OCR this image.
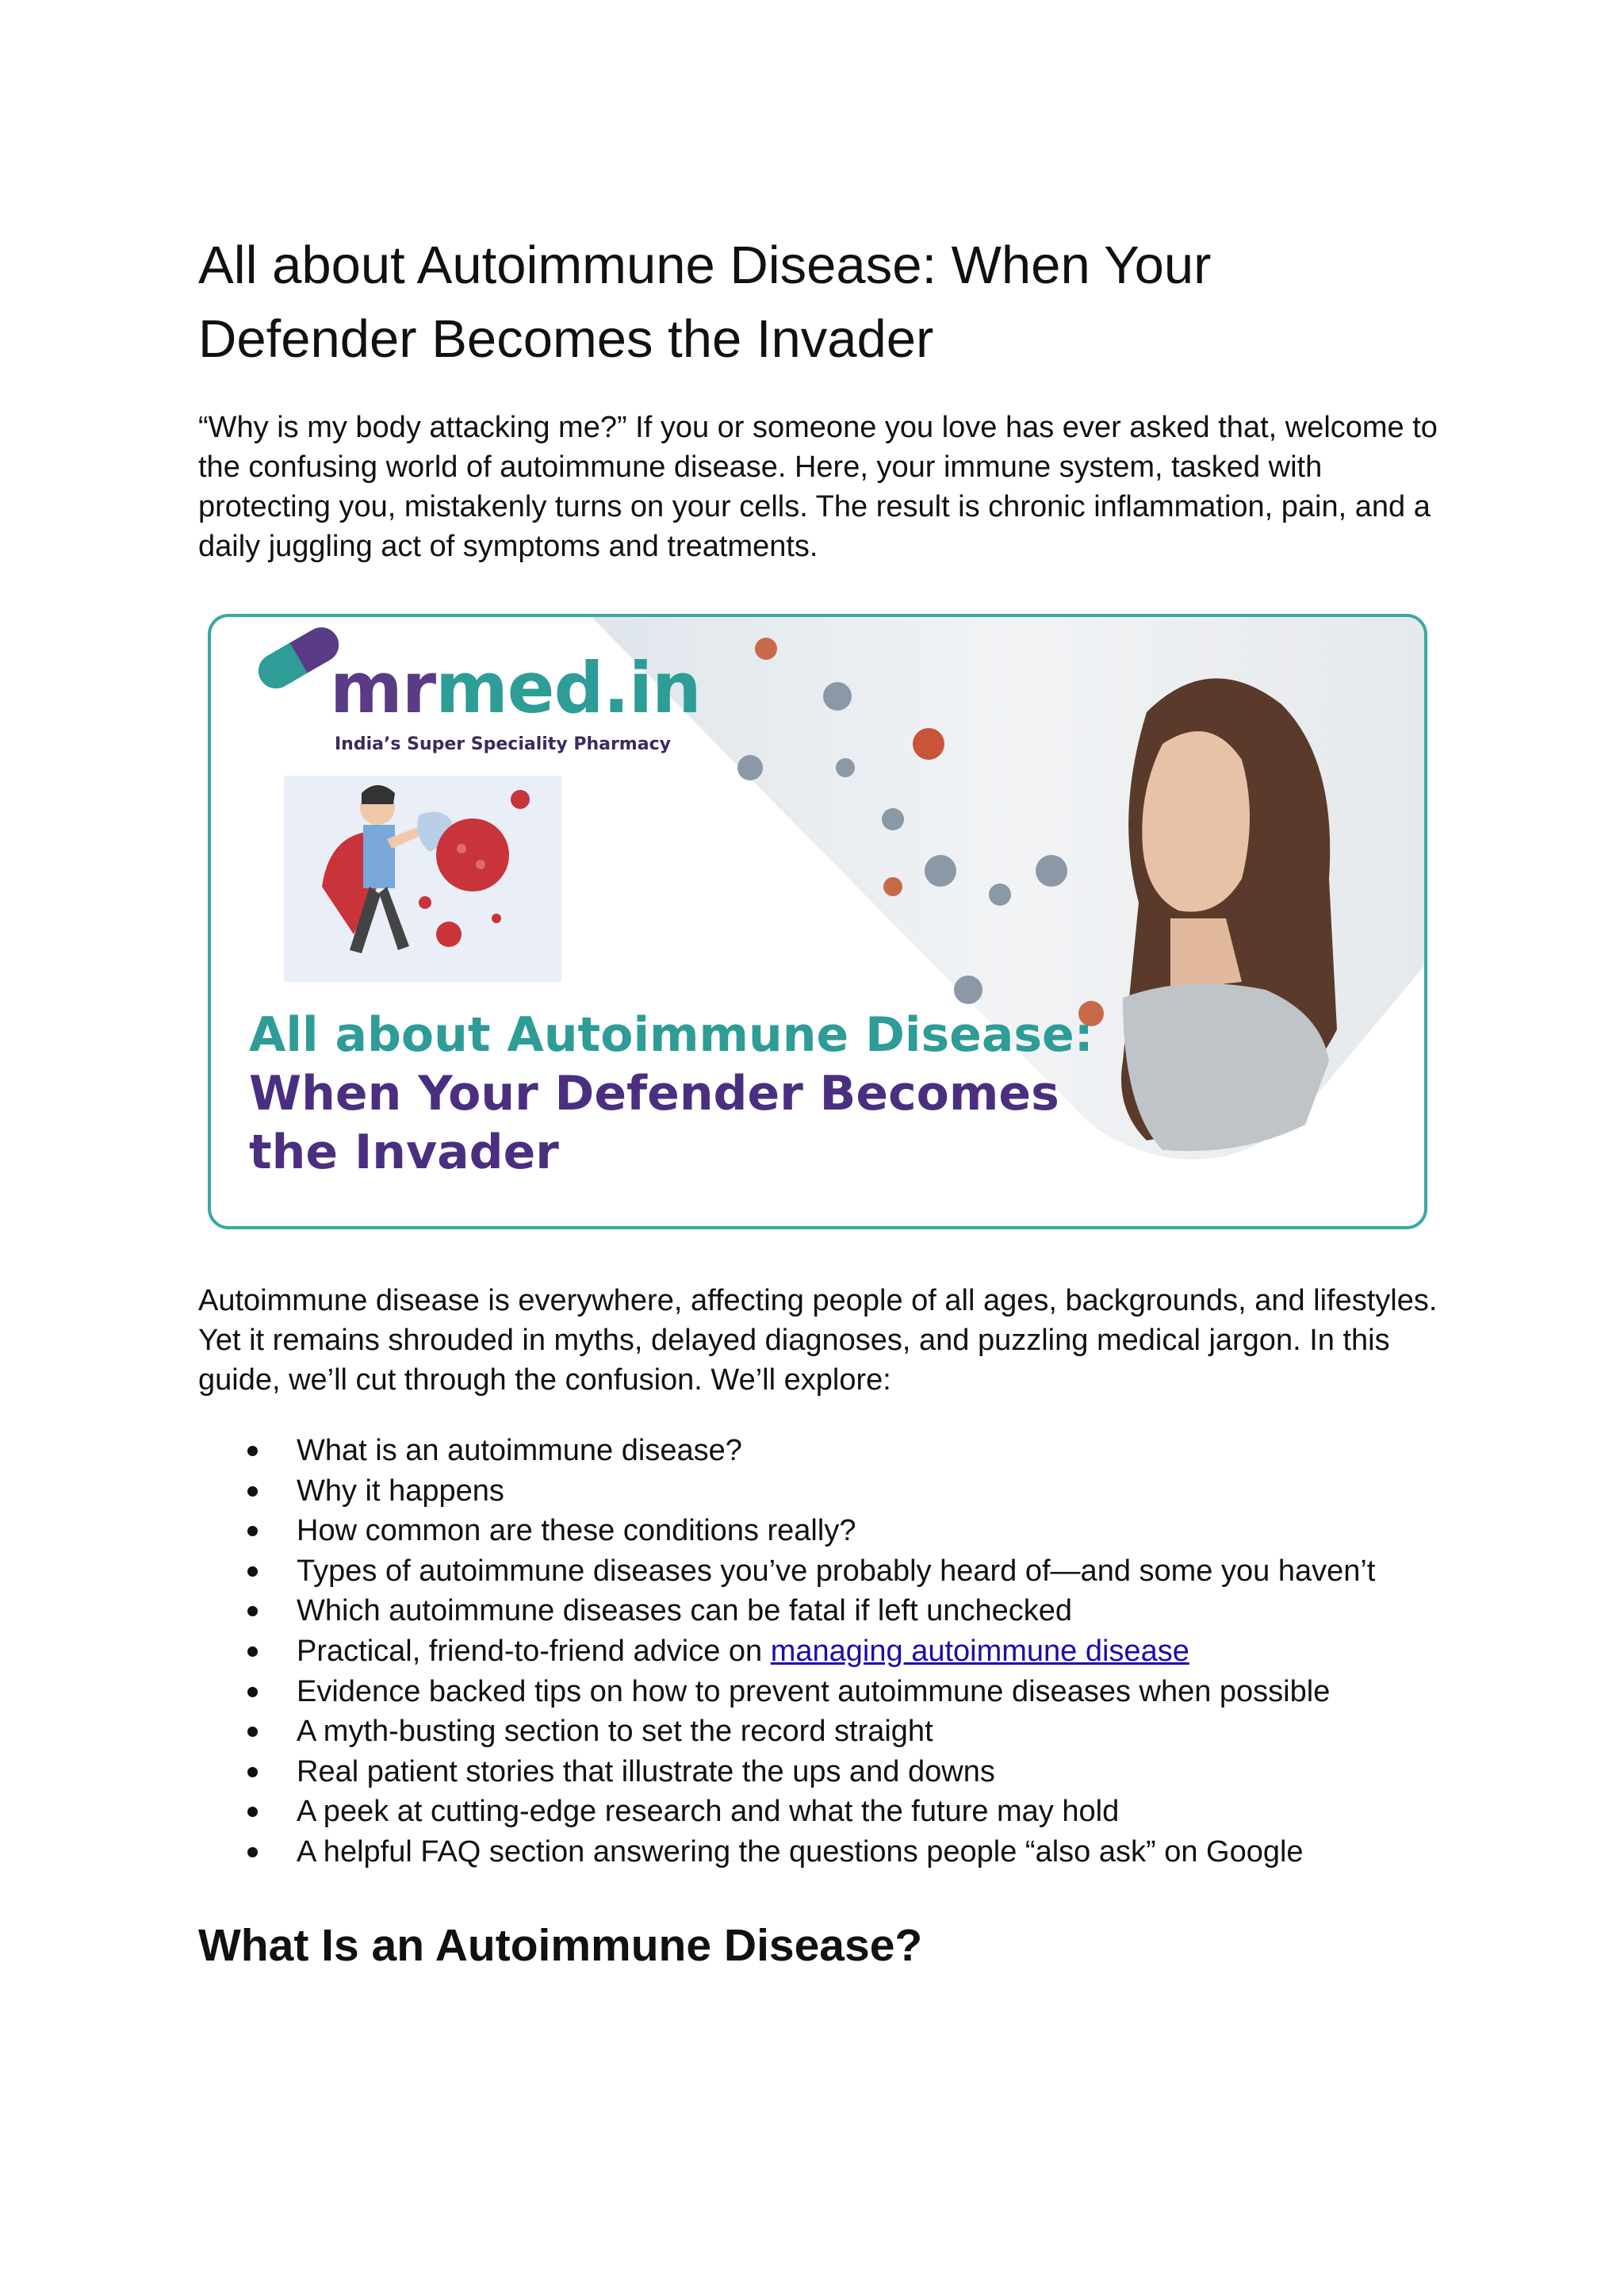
All about Autoimmune Disease: When Your Defender Becomes the Invader

“Why is my body attacking me?” If you or someone you love has ever asked that, welcome to the confusing world of autoimmune disease. Here, your immune system, tasked with protecting you, mistakenly turns on your cells. The result is chronic inflammation, pain, and a daily juggling act of symptoms and treatments.

mrmed.in
India’s Super Speciality Pharmacy
All about Autoimmune Disease: When Your Defender Becomes the Invader

Autoimmune disease is everywhere, affecting people of all ages, backgrounds, and lifestyles. Yet it remains shrouded in myths, delayed diagnoses, and puzzling medical jargon. In this guide, we’ll cut through the confusion. We’ll explore:

What is an autoimmune disease?
Why it happens
How common are these conditions really?
Types of autoimmune diseases you’ve probably heard of—and some you haven’t
Which autoimmune diseases can be fatal if left unchecked
Practical, friend-to-friend advice on managing autoimmune disease
Evidence backed tips on how to prevent autoimmune diseases when possible
A myth-busting section to set the record straight
Real patient stories that illustrate the ups and downs
A peek at cutting-edge research and what the future may hold
A helpful FAQ section answering the questions people “also ask” on Google
What Is an Autoimmune Disease?
